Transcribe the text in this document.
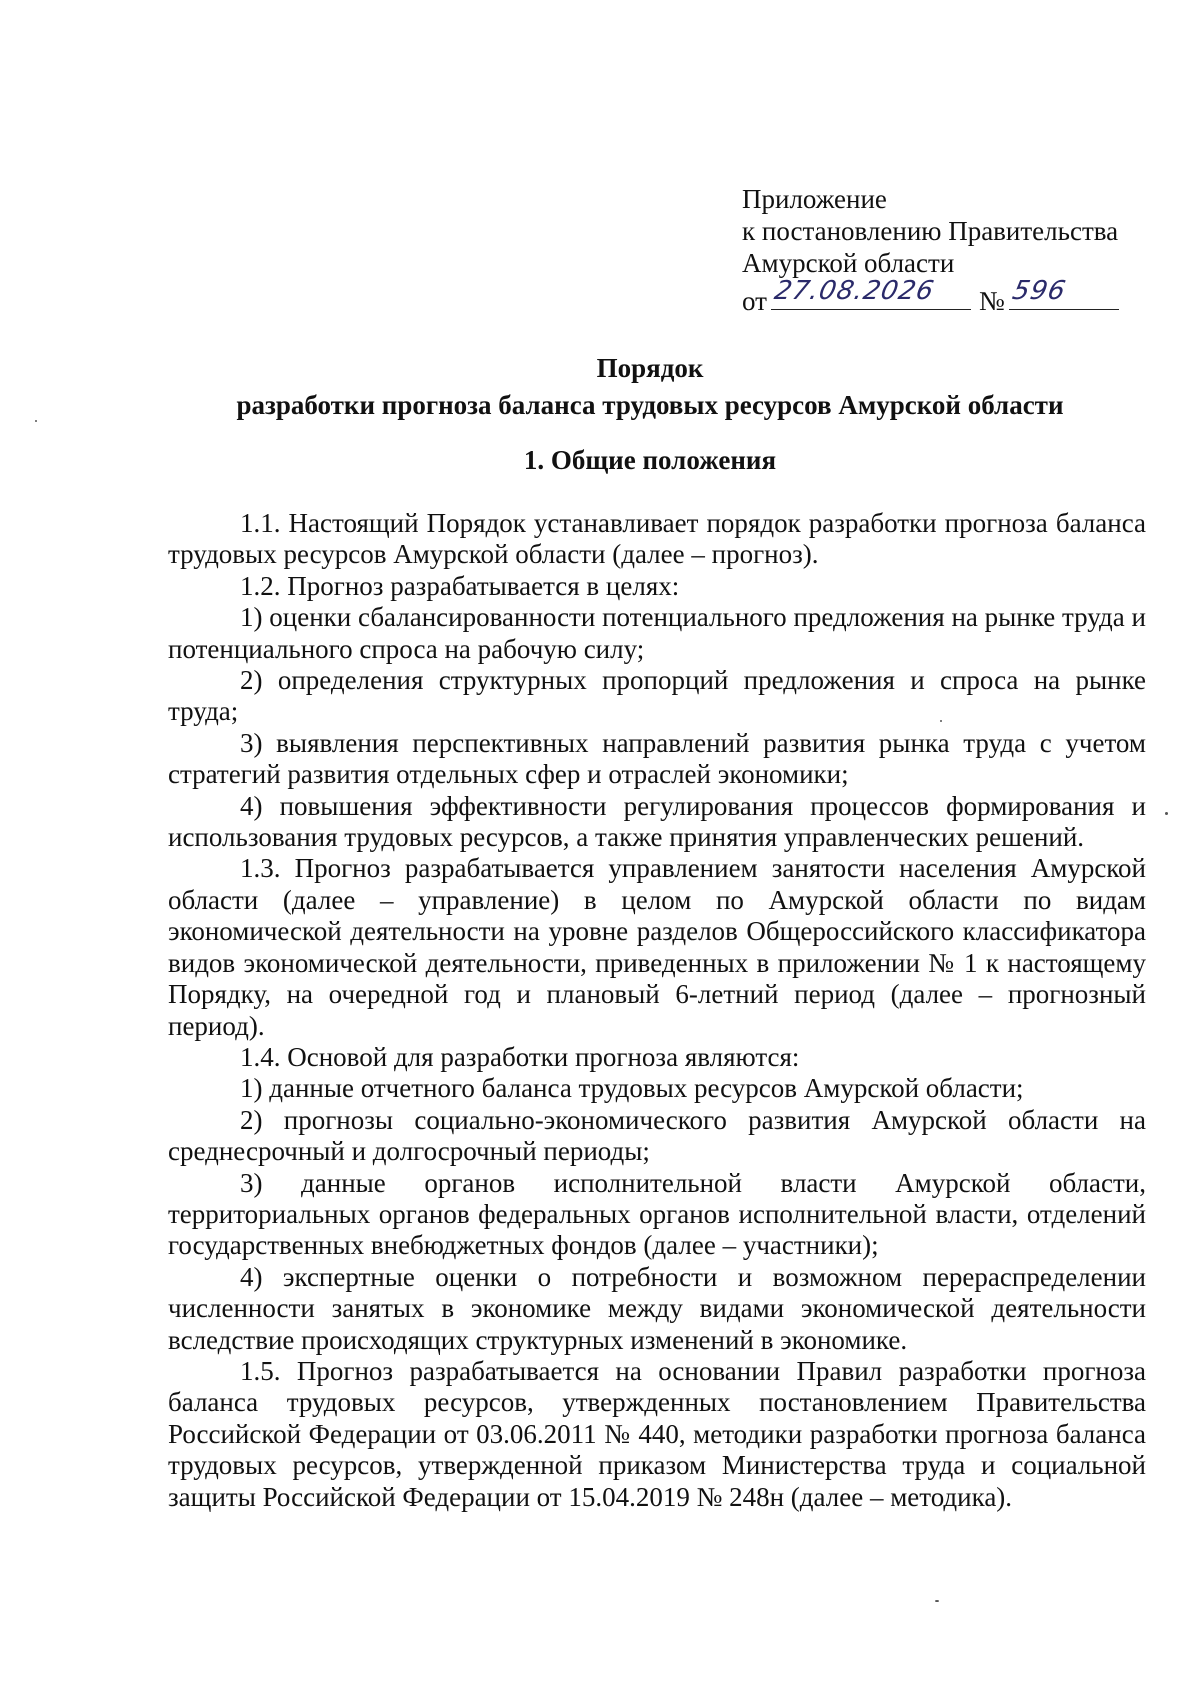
Приложение
к постановлению Правительства
Амурской области
от 27.08.2026 № 596
Порядок
разработки прогноза баланса трудовых ресурсов Амурской области
1. Общие положения

1.1. Настоящий Порядок устанавливает порядок разработки прогноза баланса трудовых ресурсов Амурской области (далее – прогноз).

1.2. Прогноз разрабатывается в целях:

1) оценки сбалансированности потенциального предложения на рынке труда и потенциального спроса на рабочую силу;

2) определения структурных пропорций предложения и спроса на рынке труда;

3) выявления перспективных направлений развития рынка труда с учетом стратегий развития отдельных сфер и отраслей экономики;

4) повышения эффективности регулирования процессов формирования и использования трудовых ресурсов, а также принятия управленческих решений.

1.3. Прогноз разрабатывается управлением занятости населения Амурской области (далее – управление) в целом по Амурской области по видам экономической деятельности на уровне разделов Общероссийского классификатора видов экономической деятельности, приведенных в приложении № 1 к настоящему Порядку, на очередной год и плановый 6-летний период (далее – прогнозный период).

1.4. Основой для разработки прогноза являются:

1) данные отчетного баланса трудовых ресурсов Амурской области;

2) прогнозы социально-экономического развития Амурской области на среднесрочный и долгосрочный периоды;

3) данные органов исполнительной власти Амурской области, территориальных органов федеральных органов исполнительной власти, отделений государственных внебюджетных фондов (далее – участники);

4) экспертные оценки о потребности и возможном перераспределении численности занятых в экономике между видами экономической деятельности вследствие происходящих структурных изменений в экономике.

1.5. Прогноз разрабатывается на основании Правил разработки прогноза баланса трудовых ресурсов, утвержденных постановлением Правительства Российской Федерации от 03.06.2011 № 440, методики разработки прогноза баланса трудовых ресурсов, утвержденной приказом Министерства труда и социальной защиты Российской Федерации от 15.04.2019 № 248н (далее – методика).
